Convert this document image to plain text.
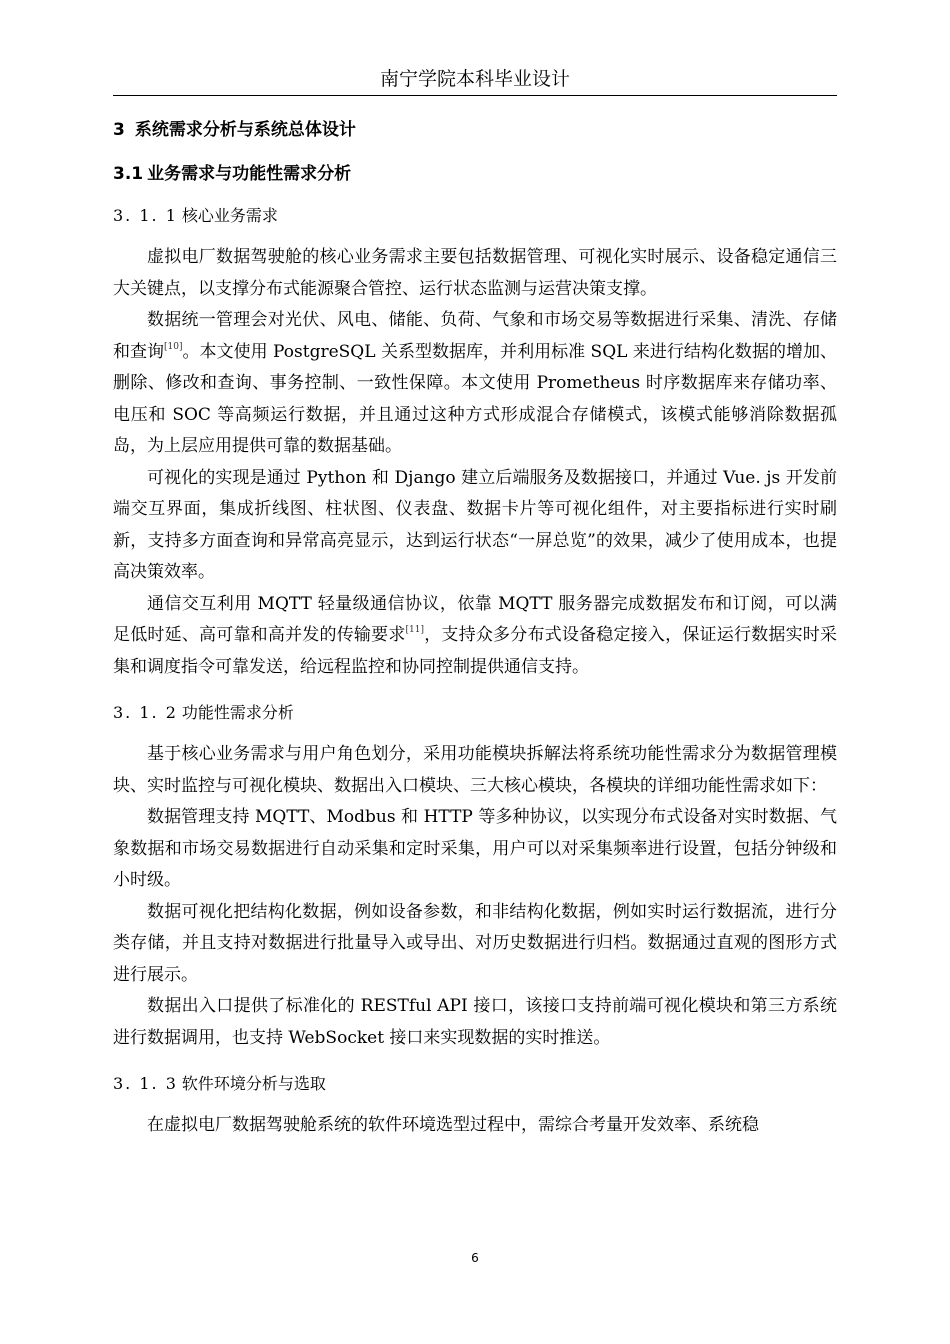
南宁学院本科毕业设计
3 系统需求分析与系统总体设计
3.1 业务需求与功能性需求分析
3. 1. 1 核心业务需求

虚拟电厂数据驾驶舱的核心业务需求主要包括数据管理、可视化实时展示、设备稳定通信三大关键点，以支撑分布式能源聚合管控、运行状态监测与运营决策支撑。

数据统一管理会对光伏、风电、储能、负荷、气象和市场交易等数据进行采集、清洗、存储和查询[10]。本文使用 PostgreSQL 关系型数据库，并利用标准 SQL 来进行结构化数据的增加、删除、修改和查询、事务控制、一致性保障。本文使用 Prometheus 时序数据库来存储功率、电压和 SOC 等高频运行数据，并且通过这种方式形成混合存储模式，该模式能够消除数据孤岛，为上层应用提供可靠的数据基础。

可视化的实现是通过 Python 和 Django 建立后端服务及数据接口，并通过 Vue. js 开发前端交互界面，集成折线图、柱状图、仪表盘、数据卡片等可视化组件，对主要指标进行实时刷新，支持多方面查询和异常高亮显示，达到运行状态“一屏总览”的效果，减少了使用成本，也提高决策效率。

通信交互利用 MQTT 轻量级通信协议，依靠 MQTT 服务器完成数据发布和订阅，可以满足低时延、高可靠和高并发的传输要求[11]，支持众多分布式设备稳定接入，保证运行数据实时采集和调度指令可靠发送，给远程监控和协同控制提供通信支持。

3. 1. 2 功能性需求分析

基于核心业务需求与用户角色划分，采用功能模块拆解法将系统功能性需求分为数据管理模块、实时监控与可视化模块、数据出入口模块、三大核心模块，各模块的详细功能性需求如下：

数据管理支持 MQTT、Modbus 和 HTTP 等多种协议，以实现分布式设备对实时数据、气象数据和市场交易数据进行自动采集和定时采集，用户可以对采集频率进行设置，包括分钟级和小时级。

数据可视化把结构化数据，例如设备参数，和非结构化数据，例如实时运行数据流，进行分类存储，并且支持对数据进行批量导入或导出、对历史数据进行归档。数据通过直观的图形方式进行展示。

数据出入口提供了标准化的 RESTful API 接口，该接口支持前端可视化模块和第三方系统进行数据调用，也支持 WebSocket 接口来实现数据的实时推送。

3. 1. 3 软件环境分析与选取

在虚拟电厂数据驾驶舱系统的软件环境选型过程中，需综合考量开发效率、系统稳

6
